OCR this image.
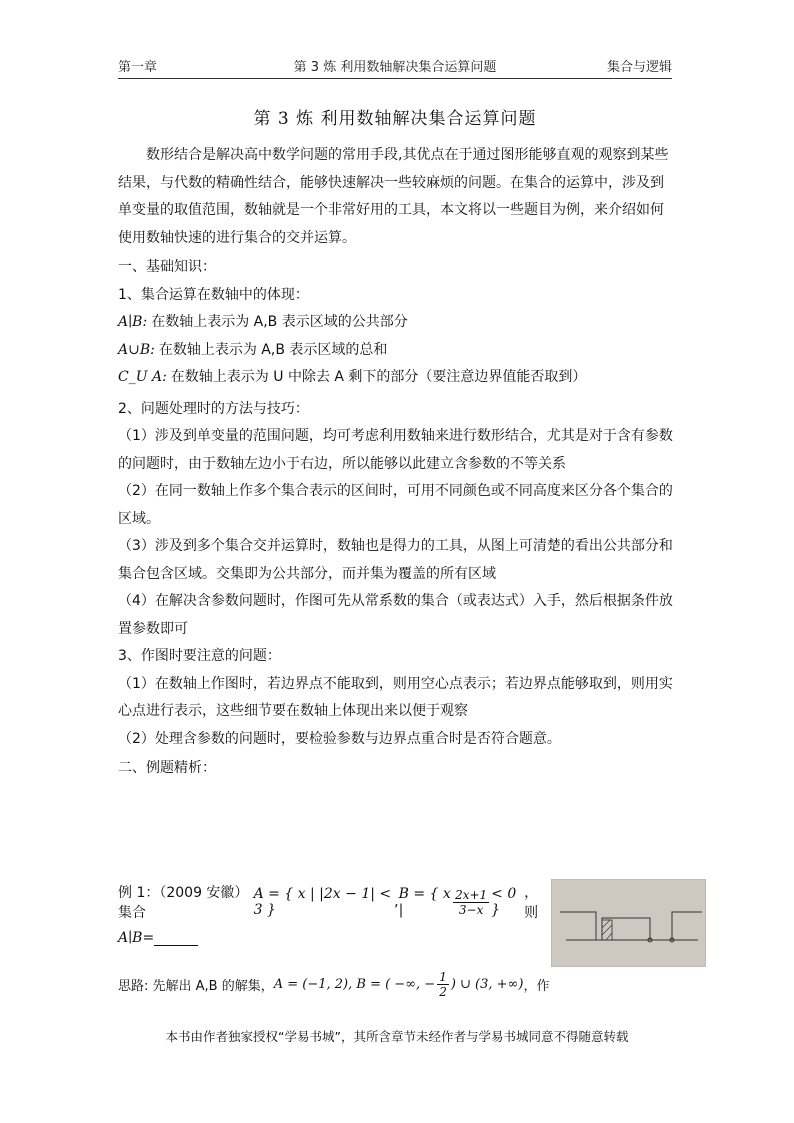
第一章	第 3 炼 利用数轴解决集合运算问题	集合与逻辑
第 3 炼 利用数轴解决集合运算问题

数形结合是解决高中数学问题的常用手段,其优点在于通过图形能够直观的观察到某些结果，与代数的精确性结合，能够快速解决一些较麻烦的问题。在集合的运算中，涉及到单变量的取值范围，数轴就是一个非常好用的工具，本文将以一些题目为例，来介绍如何使用数轴快速的进行集合的交并运算。

一、基础知识：

1、集合运算在数轴中的体现：

A∣B: 在数轴上表示为 A,B 表示区域的公共部分

A∪B: 在数轴上表示为 A,B 表示区域的总和

C_U A: 在数轴上表示为 U 中除去 A 剩下的部分（要注意边界值能否取到）

2、问题处理时的方法与技巧：

（1）涉及到单变量的范围问题，均可考虑利用数轴来进行数形结合，尤其是对于含有参数的问题时，由于数轴左边小于右边，所以能够以此建立含参数的不等关系

（2）在同一数轴上作多个集合表示的区间时，可用不同颜色或不同高度来区分各个集合的区域。

（3）涉及到多个集合交并运算时，数轴也是得力的工具，从图上可清楚的看出公共部分和集合包含区域。交集即为公共部分，而并集为覆盖的所有区域

（4）在解决含参数问题时，作图可先从常系数的集合（或表达式）入手，然后根据条件放置参数即可

3、作图时要注意的问题：

（1）在数轴上作图时，若边界点不能取到，则用空心点表示；若边界点能够取到，则用实心点进行表示，这些细节要在数轴上体现出来以便于观察

（2）处理含参数的问题时，要检验参数与边界点重合时是否符合题意。

二、例题精析：

例 1：（2009 安徽）集合
A = { x | |2x − 1| < 3 }	, B = { x |	$\frac{2x+1}{3-x} < 0$ }
，则
A∣B=
思路: 先解出 A,B 的解集， A = (−1, 2), B = ( −∞, − $\frac{1}{2}$ ) ∪ (3, +∞) ，作
本书由作者独家授权“学易书城”，其所含章节未经作者与学易书城同意不得随意转载
